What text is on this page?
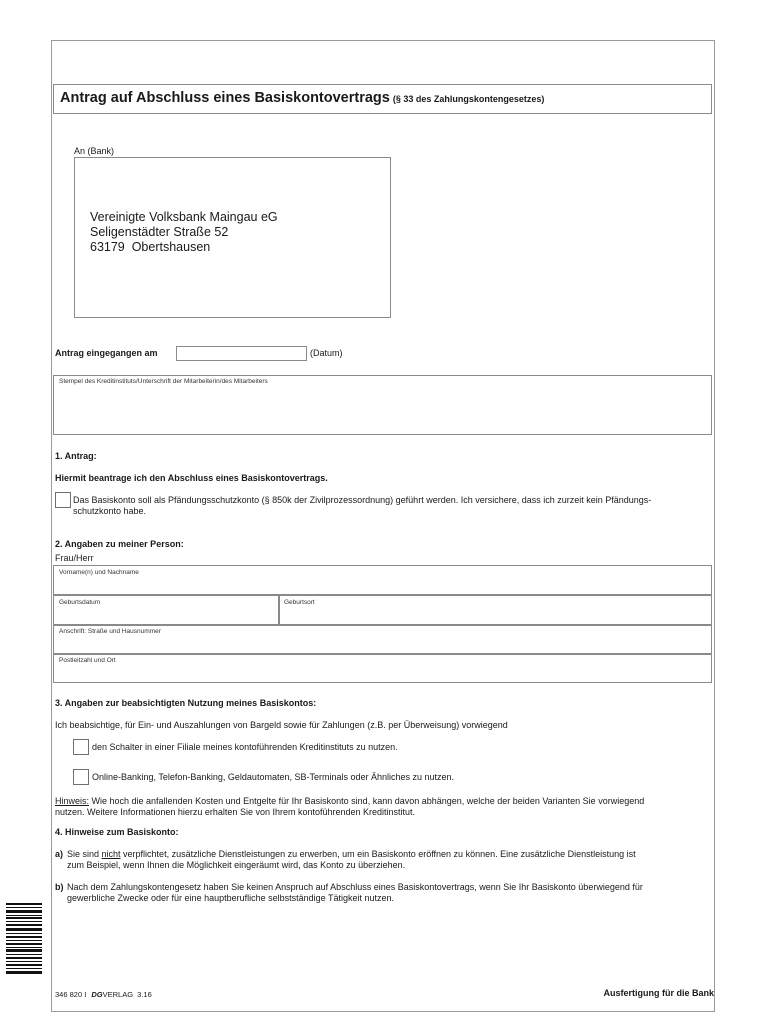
Antrag auf Abschluss eines Basiskontovertrags (§ 33 des Zahlungskontengesetzes)
An (Bank)
Vereinigte Volksbank Maingau eG
Seligenstädter Straße 52
63179  Obertshausen
Antrag eingegangen am	(Datum)
Stempel des Kreditinstituts/Unterschrift der Mitarbeiterin/des Mitarbeiters
1. Antrag:
Hiermit beantrage ich den Abschluss eines Basiskontovertrags.
Das Basiskonto soll als Pfändungsschutzkonto (§ 850k der Zivilprozessordnung) geführt werden. Ich versichere, dass ich zurzeit kein Pfändungs-
schutzkonto habe.
2. Angaben zu meiner Person:
Frau/Herr
Vorname(n) und Nachname
Geburtsdatum	Geburtsort
Anschrift: Straße und Hausnummer
Postleitzahl und Ort
3. Angaben zur beabsichtigten Nutzung meines Basiskontos:
Ich beabsichtige, für Ein- und Auszahlungen von Bargeld sowie für Zahlungen (z.B. per Überweisung) vorwiegend
den Schalter in einer Filiale meines kontoführenden Kreditinstituts zu nutzen.
Online-Banking, Telefon-Banking, Geldautomaten, SB-Terminals oder Ähnliches zu nutzen.
Hinweis: Wie hoch die anfallenden Kosten und Entgelte für Ihr Basiskonto sind, kann davon abhängen, welche der beiden Varianten Sie vorwiegend
nutzen. Weitere Informationen hierzu erhalten Sie von Ihrem kontoführenden Kreditinstitut.
4. Hinweise zum Basiskonto:
a) Sie sind nicht verpflichtet, zusätzliche Dienstleistungen zu erwerben, um ein Basiskonto eröffnen zu können. Eine zusätzliche Dienstleistung ist
zum Beispiel, wenn Ihnen die Möglichkeit eingeräumt wird, das Konto zu überziehen.
b) Nach dem Zahlungskontengesetz haben Sie keinen Anspruch auf Abschluss eines Basiskontovertrags, wenn Sie Ihr Basiskonto überwiegend für
gewerbliche Zwecke oder für eine hauptberufliche selbstständige Tätigkeit nutzen.
346 820 I DGVERLAG 3.16	Ausfertigung für die Bank
